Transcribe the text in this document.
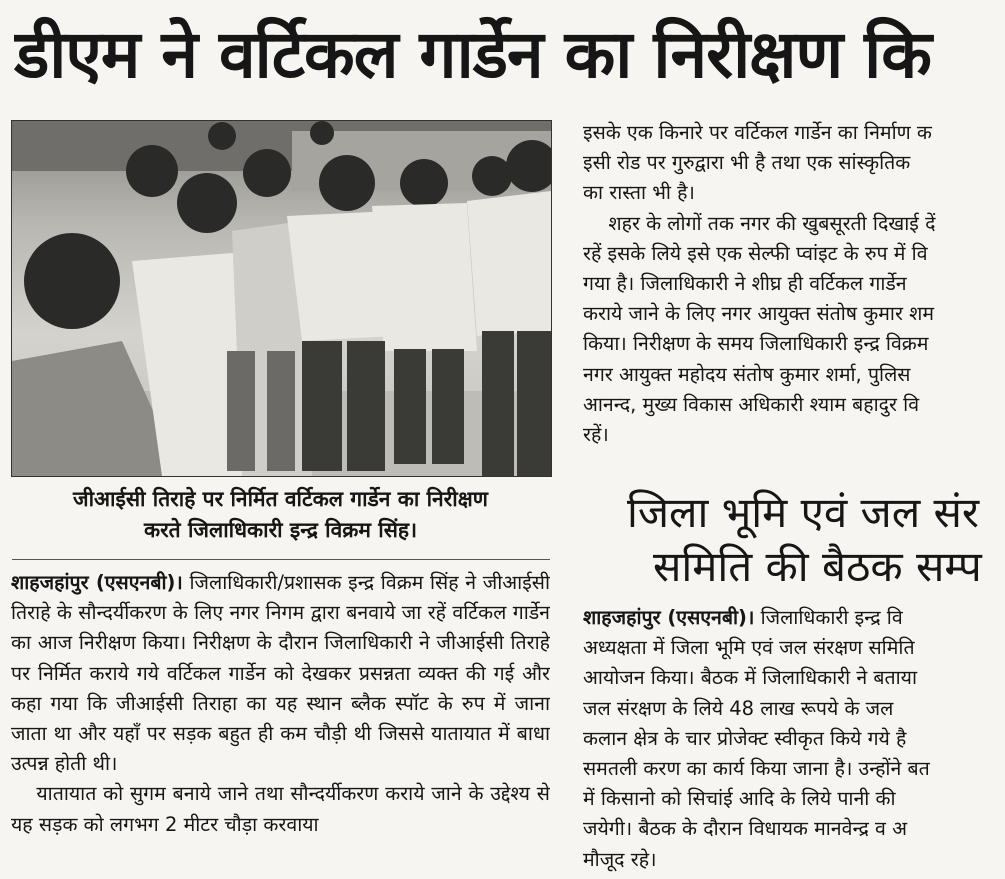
डीएम ने वर्टिकल गार्डेन का निरीक्षण कि
जीआईसी तिराहे पर निर्मित वर्टिकल गार्डेन का निरीक्षण
करते जिलाधिकारी इन्द्र विक्रम सिंह।

शाहजहांपुर (एसएनबी)। जिलाधिकारी/प्रशासक इन्द्र विक्रम सिंह ने जीआईसी तिराहे के सौन्दर्यीकरण के लिए नगर निगम द्वारा बनवाये जा रहें वर्टिकल गार्डेन का आज निरीक्षण किया। निरीक्षण के दौरान जिलाधिकारी ने जीआईसी तिराहे पर निर्मित कराये गये वर्टिकल गार्डेन को देखकर प्रसन्नता व्यक्त की गई और कहा गया कि जीआईसी तिराहा का यह स्थान ब्लैक स्पॉट के रुप में जाना जाता था और यहाँ पर सड़क बहुत ही कम चौड़ी थी जिससे यातायात में बाधा उत्पन्न होती थी।

यातायात को सुगम बनाये जाने तथा सौन्दर्यीकरण कराये जाने के उद्देश्य से यह सड़क को लगभग 2 मीटर चौड़ा करवाया

इसके एक किनारे पर वर्टिकल गार्डेन का निर्माण क
इसी रोड पर गुरुद्वारा भी है तथा एक सांस्कृतिक
का रास्ता भी है।
शहर के लोगों तक नगर की खुबसूरती दिखाई दें
रहें इसके लिये इसे एक सेल्फी प्वांइट के रुप में वि
गया है। जिलाधिकारी ने शीघ्र ही वर्टिकल गार्डेन
कराये जाने के लिए नगर आयुक्त संतोष कुमार शम
किया। निरीक्षण के समय जिलाधिकारी इन्द्र विक्रम
नगर आयुक्त महोदय संतोष कुमार शर्मा, पुलिस
आनन्द, मुख्य विकास अधिकारी श्याम बहादुर वि
रहें।
जिला भूमि एवं जल संर
समिति की बैठक सम्प
शाहजहांपुर (एसएनबी)। जिलाधिकारी इन्द्र वि
अध्यक्षता में जिला भूमि एवं जल संरक्षण समिति
आयोजन किया। बैठक में जिलाधिकारी ने बताया
जल संरक्षण के लिये 48 लाख रूपये के जल
कलान क्षेत्र के चार प्रोजेक्ट स्वीकृत किये गये है
समतली करण का कार्य किया जाना है। उन्होंने बत
में किसानो को सिचांई आदि के लिये पानी की
जयेगी। बैठक के दौरान विधायक मानवेन्द्र व अ
मौजूद रहे।
